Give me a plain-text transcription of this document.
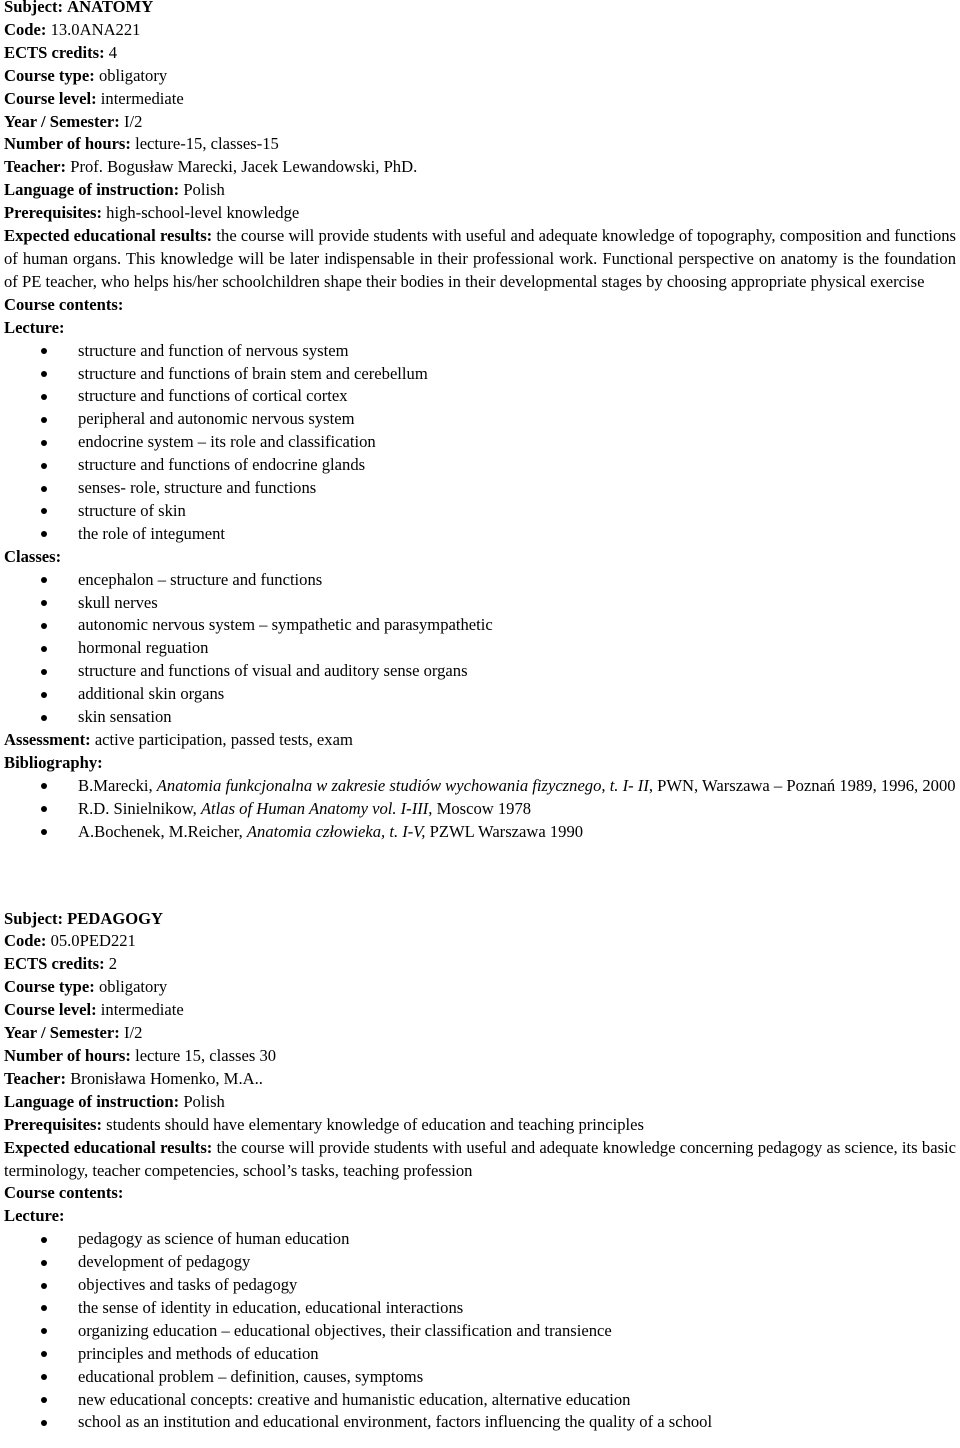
Subject: ANATOMY
Code: 13.0ANA221
ECTS credits: 4
Course type: obligatory
Course level: intermediate
Year / Semester: I/2
Number of hours: lecture-15, classes-15
Teacher: Prof. Bogusław Marecki, Jacek Lewandowski, PhD.
Language of instruction: Polish
Prerequisites: high-school-level knowledge
Expected educational results: the course will provide students with useful and adequate knowledge of topography, composition and functions of human organs. This knowledge will be later indispensable in their professional work. Functional perspective on anatomy is the foundation of PE teacher, who helps his/her schoolchildren shape their bodies in their developmental stages by choosing appropriate physical exercise
Course contents:
Lecture:
structure and function of nervous system
structure and functions of brain stem and cerebellum
structure and functions of cortical cortex
peripheral and autonomic nervous system
endocrine system – its role and classification
structure and functions of endocrine glands
senses- role, structure and functions
structure of skin
the role of integument
Classes:
encephalon – structure and functions
skull nerves
autonomic nervous system – sympathetic and parasympathetic
hormonal reguation
structure and functions of visual and auditory sense organs
additional skin organs
skin sensation
Assessment: active participation, passed tests, exam
Bibliography:
B.Marecki, Anatomia funkcjonalna w zakresie studiów wychowania fizycznego, t. I- II, PWN, Warszawa – Poznań 1989, 1996, 2000
R.D. Sinielnikow, Atlas of Human Anatomy vol. I-III, Moscow 1978
A.Bochenek, M.Reicher, Anatomia człowieka, t. I-V, PZWL Warszawa 1990
Subject: PEDAGOGY
Code: 05.0PED221
ECTS credits: 2
Course type: obligatory
Course level: intermediate
Year / Semester: I/2
Number of hours: lecture 15, classes 30
Teacher: Bronisława Homenko, M.A..
Language of instruction: Polish
Prerequisites: students should have elementary knowledge of education and teaching principles
Expected educational results: the course will provide students with useful and adequate knowledge concerning pedagogy as science, its basic terminology, teacher competencies, school’s tasks, teaching profession
Course contents:
Lecture:
pedagogy as science of human education
development of pedagogy
objectives and tasks of pedagogy
the sense of identity in education, educational interactions
organizing education – educational objectives, their classification and transience
principles and methods of education
educational problem – definition, causes, symptoms
new educational concepts: creative and humanistic education, alternative education
school as an institution and educational environment, factors influencing the quality of a school
